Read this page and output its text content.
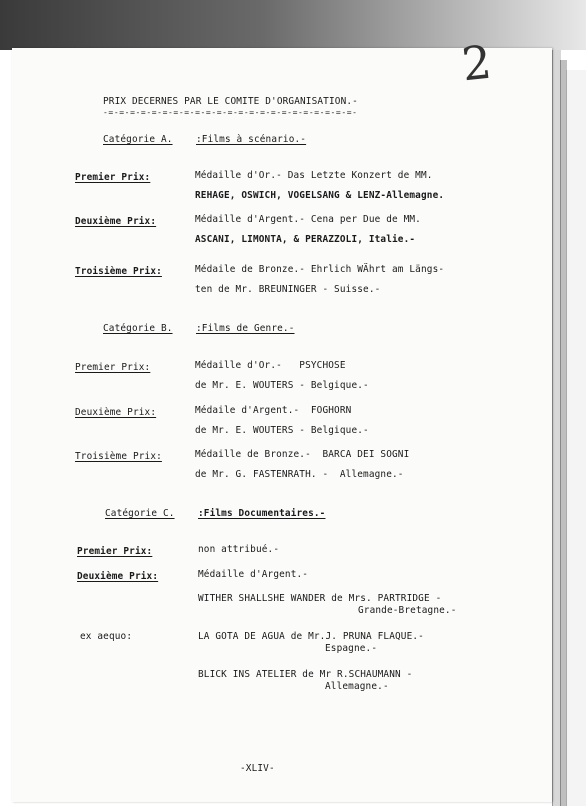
2
PRIX DECERNES PAR LE COMITE D'ORGANISATION.-
-=-=-=-=-=-=-=-=-=-=-=-=-=-=-=-=-=-=-=-=-=-=-=-
Catégorie A. :Films à scénario.-
Premier Prix:	Médaille d'Or.- Das Letzte Konzert de MM.
REHAGE, OSWICH, VOGELSANG & LENZ-Allemagne.
Deuxième Prix:	Médaille d'Argent.- Cena per Due de MM.
ASCANI, LIMONTA, & PERAZZOLI, Italie.-
Troisième Prix:	Médaile de Bronze.- Ehrlich WÄhrt am Längs-
ten de Mr. BREUNINGER - Suisse.-
Catégorie B. :Films de Genre.-
Premier Prix:	Médaille d'Or.-   PSYCHOSE
de Mr. E. WOUTERS - Belgique.-
Deuxième Prix:	Médaile d'Argent.-  FOGHORN
de Mr. E. WOUTERS - Belgique.-
Troisième Prix:	Médaille de Bronze.-  BARCA DEI SOGNI
de Mr. G. FASTENRATH. -  Allemagne.-
Catégorie C. :Films Documentaires.-
Premier Prix:	non attribué.-
Deuxième Prix:	Médaille d'Argent.-
WITHER SHALLSHE WANDER de Mrs. PARTRIDGE -
Grande-Bretagne.-
ex aequo:	LA GOTA DE AGUA de Mr.J. PRUNA FLAQUE.-
Espagne.-
BLICK INS ATELIER de Mr R.SCHAUMANN -
Allemagne.-
-XLIV-
